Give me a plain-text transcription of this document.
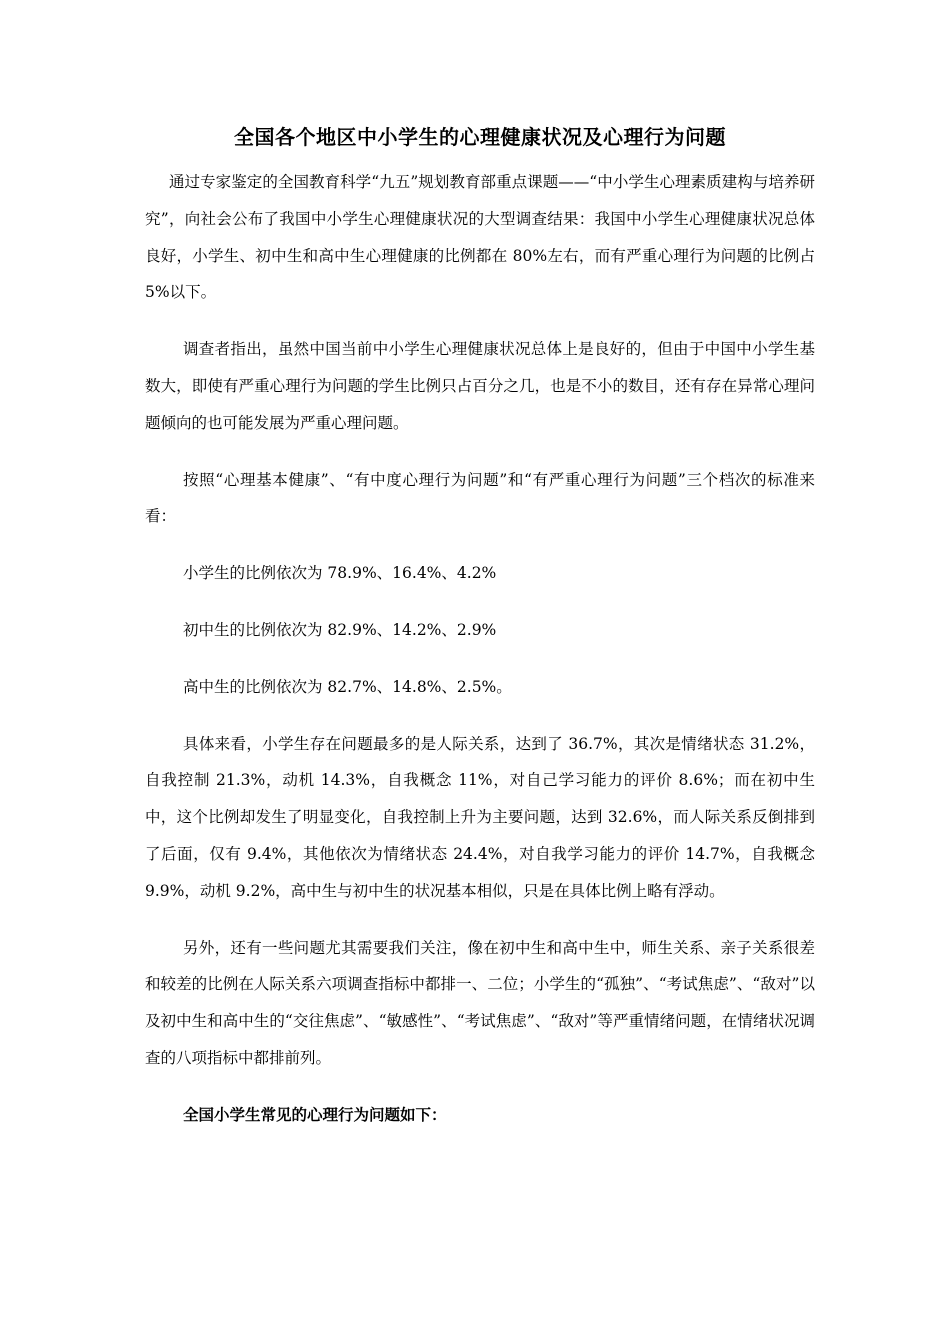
全国各个地区中小学生的心理健康状况及心理行为问题

通过专家鉴定的全国教育科学“九五”规划教育部重点课题——“中小学生心理素质建构与培养研究”，向社会公布了我国中小学生心理健康状况的大型调查结果：我国中小学生心理健康状况总体良好，小学生、初中生和高中生心理健康的比例都在 80%左右，而有严重心理行为问题的比例占 5%以下。

调查者指出，虽然中国当前中小学生心理健康状况总体上是良好的，但由于中国中小学生基数大，即使有严重心理行为问题的学生比例只占百分之几，也是不小的数目，还有存在异常心理问题倾向的也可能发展为严重心理问题。

按照“心理基本健康”、“有中度心理行为问题”和“有严重心理行为问题”三个档次的标准来看：

小学生的比例依次为 78.9%、16.4%、4.2%

初中生的比例依次为 82.9%、14.2%、2.9%

高中生的比例依次为 82.7%、14.8%、2.5%。

具体来看，小学生存在问题最多的是人际关系，达到了 36.7%，其次是情绪状态 31.2%，自我控制 21.3%，动机 14.3%，自我概念 11%，对自己学习能力的评价 8.6%；而在初中生中，这个比例却发生了明显变化，自我控制上升为主要问题，达到 32.6%，而人际关系反倒排到了后面，仅有 9.4%，其他依次为情绪状态 24.4%，对自我学习能力的评价 14.7%，自我概念 9.9%，动机 9.2%，高中生与初中生的状况基本相似，只是在具体比例上略有浮动。

另外，还有一些问题尤其需要我们关注，像在初中生和高中生中，师生关系、亲子关系很差和较差的比例在人际关系六项调查指标中都排一、二位；小学生的“孤独”、“考试焦虑”、“敌对”以及初中生和高中生的“交往焦虑”、“敏感性”、“考试焦虑”、“敌对”等严重情绪问题，在情绪状况调查的八项指标中都排前列。

全国小学生常见的心理行为问题如下：
